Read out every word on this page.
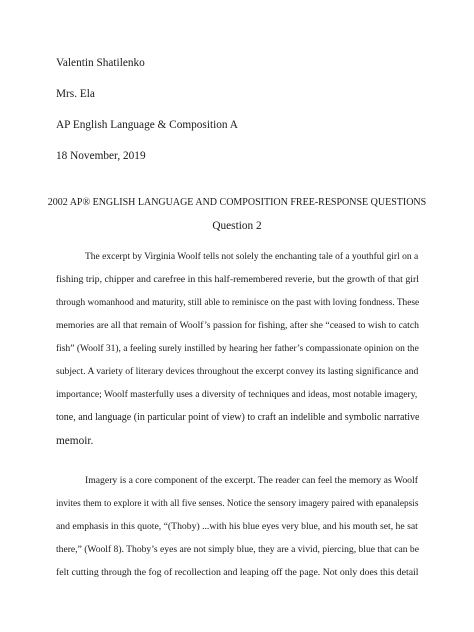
Valentin Shatilenko
Mrs. Ela
AP English Language & Composition A
18 November, 2019
2002 AP® ENGLISH LANGUAGE AND COMPOSITION FREE-RESPONSE QUESTIONS
Question 2
The excerpt by Virginia Woolf tells not solely the enchanting tale of a youthful girl on a
fishing trip, chipper and carefree in this half-remembered reverie, but the growth of that girl
through womanhood and maturity, still able to reminisce on the past with loving fondness. These
memories are all that remain of Woolf’s passion for fishing, after she “ceased to wish to catch
fish” (Woolf 31), a feeling surely instilled by hearing her father’s compassionate opinion on the
subject. A variety of literary devices throughout the excerpt convey its lasting significance and
importance; Woolf masterfully uses a diversity of techniques and ideas, most notable imagery,
tone, and language (in particular point of view) to craft an indelible and symbolic narrative
memoir.
Imagery is a core component of the excerpt. The reader can feel the memory as Woolf
invites them to explore it with all five senses. Notice the sensory imagery paired with epanalepsis
and emphasis in this quote, “(Thoby) ...with his blue eyes very blue, and his mouth set, he sat
there,” (Woolf 8). Thoby’s eyes are not simply blue, they are a vivid, piercing, blue that can be
felt cutting through the fog of recollection and leaping off the page. Not only does this detail
